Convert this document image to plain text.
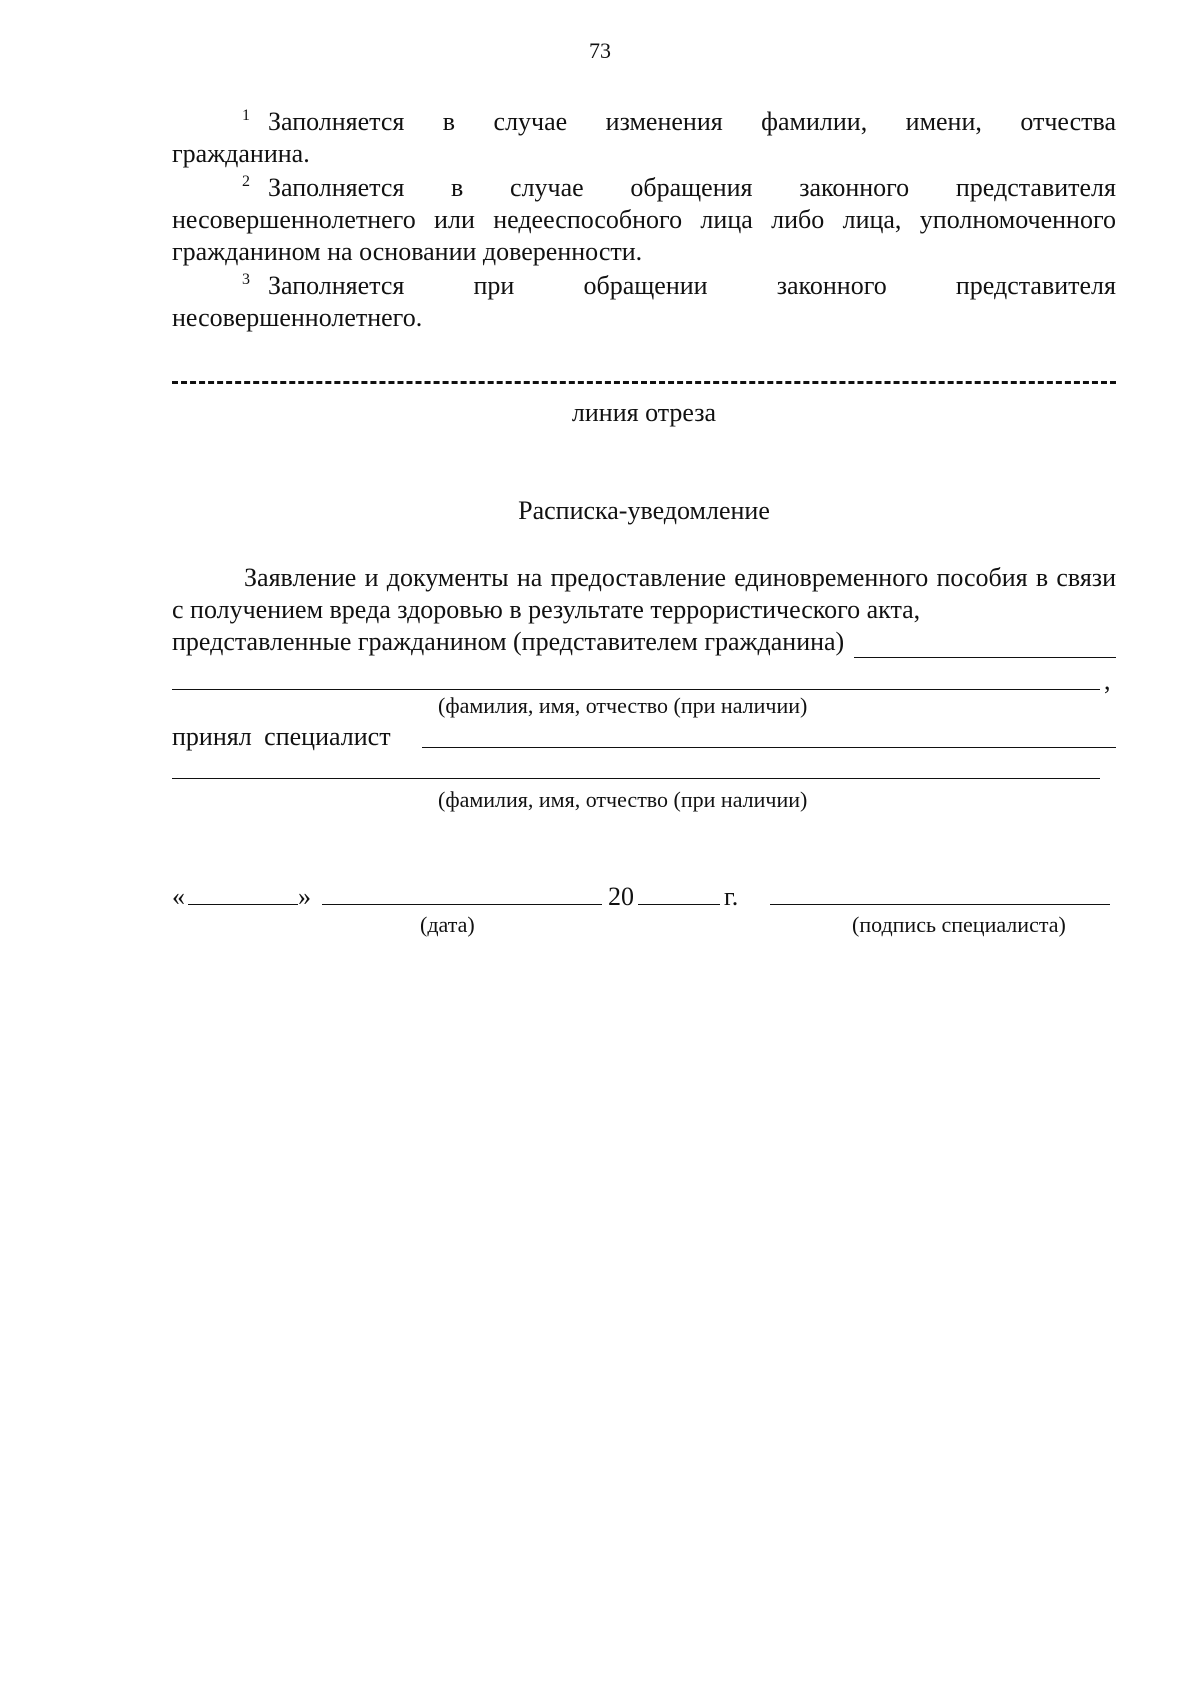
73
$^1$ Заполняется в случае изменения фамилии, имени, отчества
гражданина.
$^2$ Заполняется в случае обращения законного представителя
несовершеннолетнего или недееспособного лица либо лица, уполномоченного гражданином на основании доверенности.
$^3$ Заполняется при обращении законного представителя
несовершеннолетнего.
линия отреза
Расписка-уведомление
Заявление и документы на предоставление единовременного пособия в связи с получением вреда здоровью в результате террористического акта,
представленные гражданином (представителем гражданина)
,
(фамилия, имя, отчество (при наличии)
принял специалист
(фамилия, имя, отчество (при наличии)
«	»	20	г.
(дата)	(подпись специалиста)
